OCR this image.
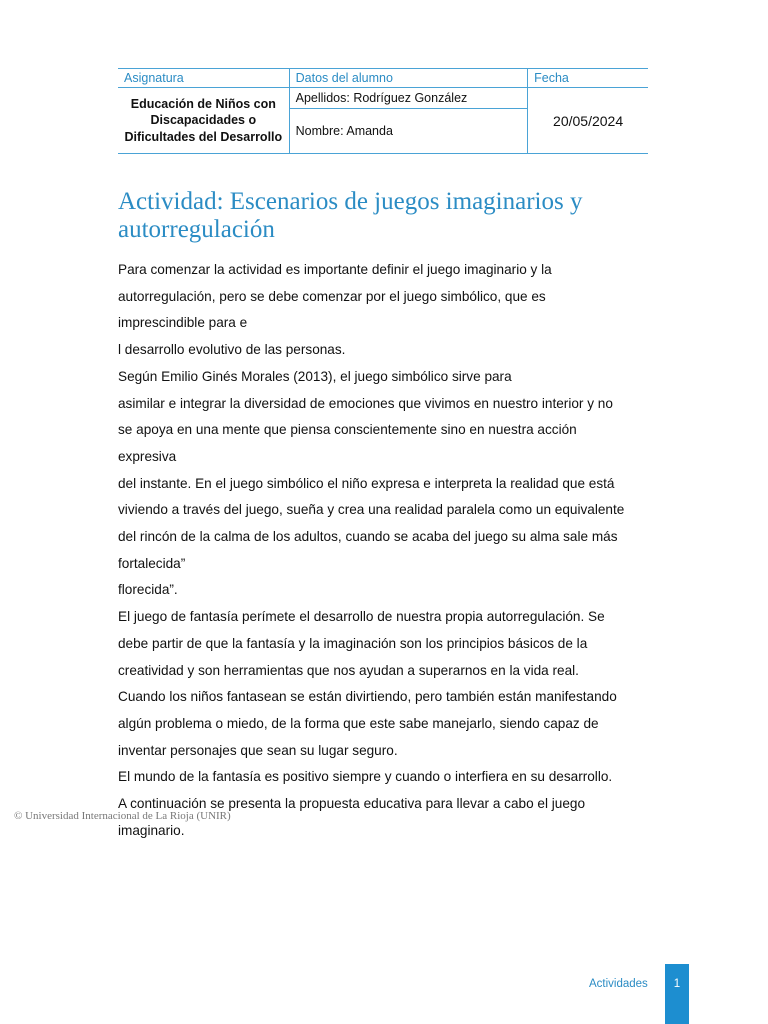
Asignatura	Datos del alumno	Fecha
Educación de Niños con Discapacidades o Dificultades del Desarrollo	Apellidos: Rodríguez González	20/05/2024
	Nombre: Amanda	
Actividad: Escenarios de juegos imaginarios y autorregulación

Para comenzar la actividad es importante definir el juego imaginario y la

autorregulación, pero se debe comenzar por el juego simbólico, que es

imprescindible para e

l desarrollo evolutivo de las personas.

Según Emilio Ginés Morales (2013), el juego simbólico sirve para

asimilar e integrar la diversidad de emociones que vivimos en nuestro interior y no

se apoya en una mente que piensa conscientemente sino en nuestra acción

expresiva

del instante. En el juego simbólico el niño expresa e interpreta la realidad que está

viviendo a través del juego, sueña y crea una realidad paralela como un equivalente

del rincón de la calma de los adultos, cuando se acaba del juego su alma sale más

fortalecida”

florecida”.

El juego de fantasía perímete el desarrollo de nuestra propia autorregulación. Se

debe partir de que la fantasía y la imaginación son los principios básicos de la

creatividad y son herramientas que nos ayudan a superarnos en la vida real.

Cuando los niños fantasean se están divirtiendo, pero también están manifestando

algún problema o miedo, de la forma que este sabe manejarlo, siendo capaz de

inventar personajes que sean su lugar seguro.

El mundo de la fantasía es positivo siempre y cuando o interfiera en su desarrollo.

A continuación se presenta la propuesta educativa para llevar a cabo el juego

imaginario.

© Universidad Internacional de La Rioja (UNIR)
Actividades	1
